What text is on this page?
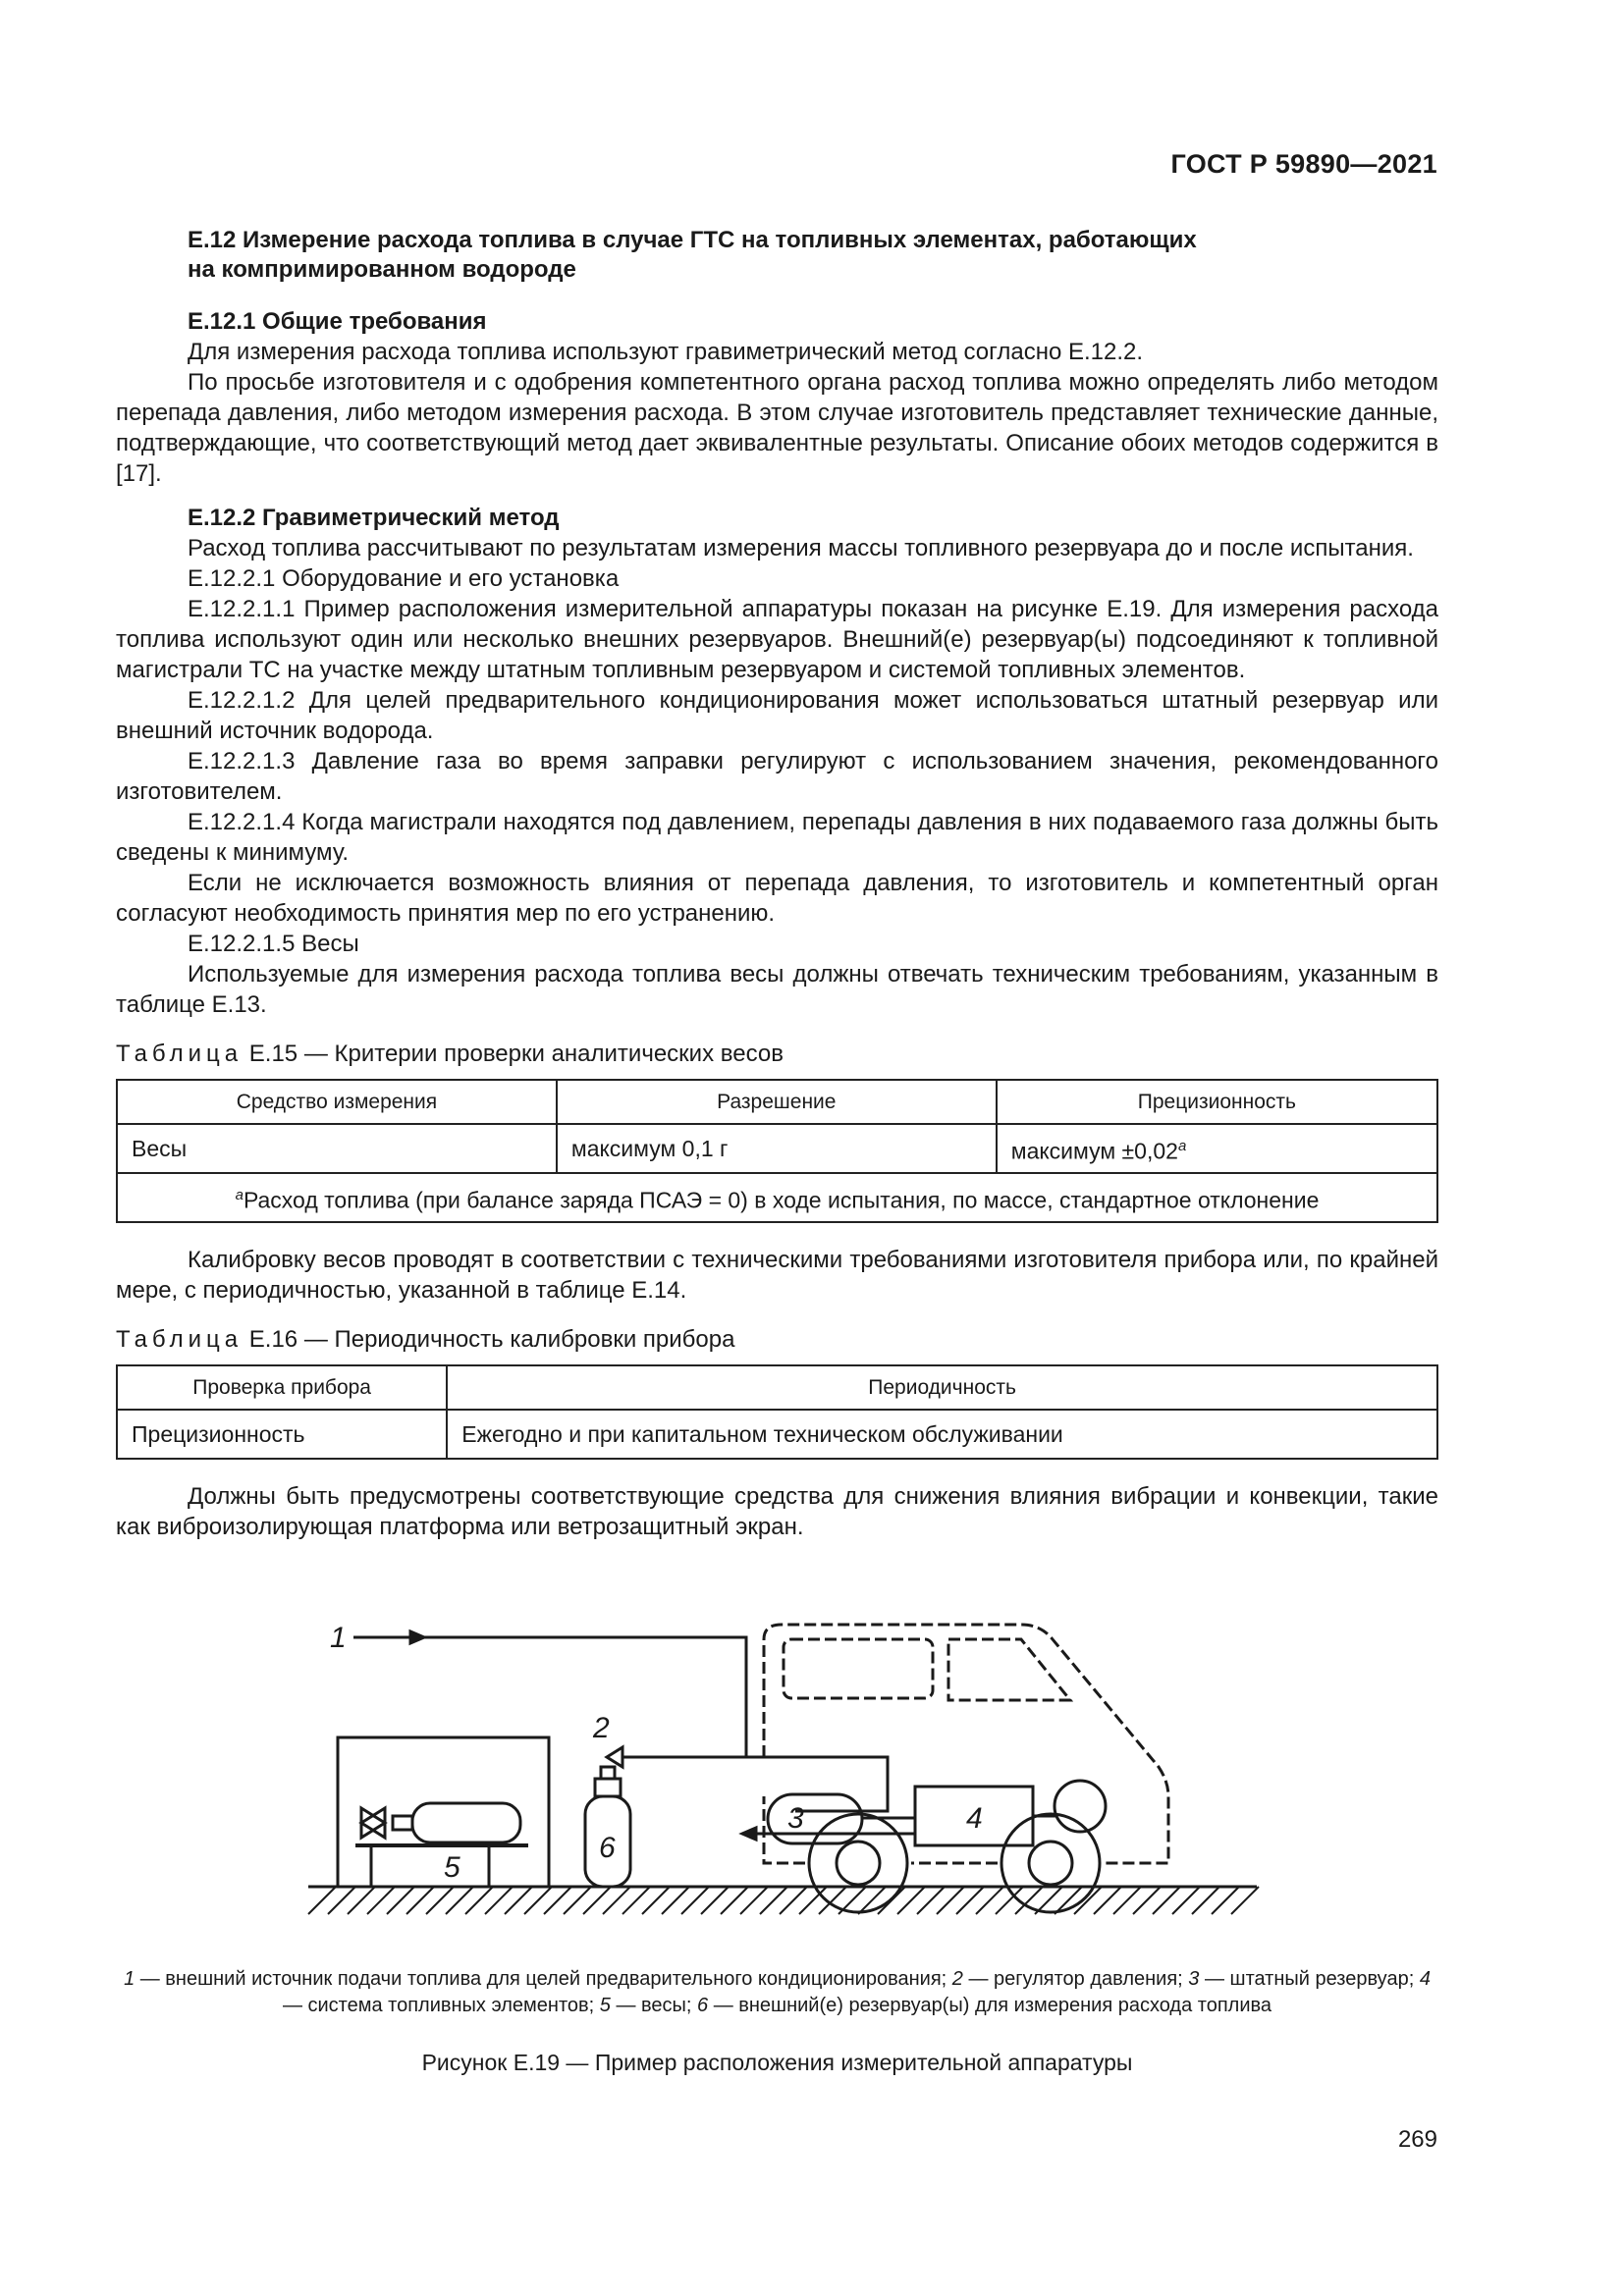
ГОСТ Р 59890—2021
Е.12 Измерение расхода топлива в случае ГТС на топливных элементах, работающих
на компримированном водороде
Е.12.1 Общие требования

Для измерения расхода топлива используют гравиметрический метод согласно Е.12.2.

По просьбе изготовителя и с одобрения компетентного органа расход топлива можно определять либо методом перепада давления, либо методом измерения расхода. В этом случае изготовитель представляет технические данные, подтверждающие, что соответствующий метод дает эквивалентные результаты. Описание обоих методов содержится в [17].

Е.12.2 Гравиметрический метод

Расход топлива рассчитывают по результатам измерения массы топливного резервуара до и после испытания.

Е.12.2.1 Оборудование и его установка

Е.12.2.1.1 Пример расположения измерительной аппаратуры показан на рисунке Е.19. Для измерения расхода топлива используют один или несколько внешних резервуаров. Внешний(е) резервуар(ы) подсоединяют к топливной магистрали ТС на участке между штатным топливным резервуаром и системой топливных элементов.

Е.12.2.1.2 Для целей предварительного кондиционирования может использоваться штатный резервуар или внешний источник водорода.

Е.12.2.1.3 Давление газа во время заправки регулируют с использованием значения, рекомендованного изготовителем.

Е.12.2.1.4 Когда магистрали находятся под давлением, перепады давления в них подаваемого газа должны быть сведены к минимуму.

Если не исключается возможность влияния от перепада давления, то изготовитель и компетентный орган согласуют необходимость принятия мер по его устранению.

Е.12.2.1.5 Весы

Используемые для измерения расхода топлива весы должны отвечать техническим требованиям, указанным в таблице Е.13.

Таблица Е.15 — Критерии проверки аналитических весов
Средство измерения	Разрешение	Прецизионность
Весы	максимум 0,1 г	максимум ±0,02$^a$
$^a$Расход топлива (при балансе заряда ПСАЭ = 0) в ходе испытания, по массе, стандартное отклонение		

Калибровку весов проводят в соответствии с техническими требованиями изготовителя прибора или, по крайней мере, с периодичностью, указанной в таблице Е.14.

Таблица Е.16 — Периодичность калибровки прибора
Проверка прибора	Периодичность
Прецизионность	Ежегодно и при капитальном техническом обслуживании

Должны быть предусмотрены соответствующие средства для снижения влияния вибрации и конвекции, такие как виброизолирующая платформа или ветрозащитный экран.

1
2
3	4
5
6
1 — внешний источник подачи топлива для целей предварительного кондиционирования; 2 — регулятор давления; 3 — штатный резервуар; 4 — система топливных элементов; 5 — весы; 6 — внешний(е) резервуар(ы) для измерения расхода топлива
Рисунок Е.19 — Пример расположения измерительной аппаратуры
269
